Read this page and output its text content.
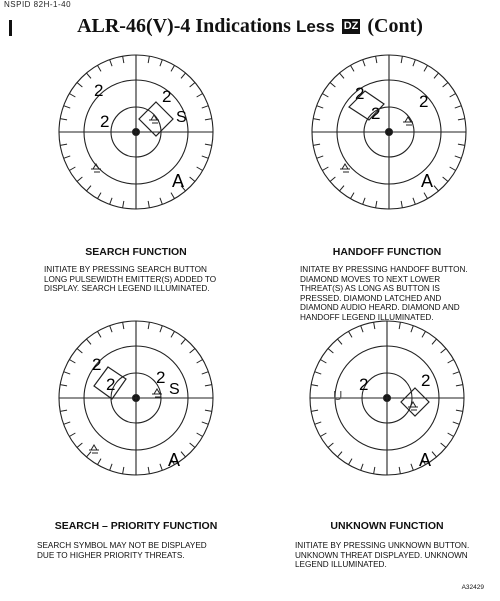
NSPID 82H-1-40
ALR-46(V)-4 Indications Less DZ (Cont)
2
2
2
S
A
2
2
2
A
2
2 2
S
A
2	2
U
A
SEARCH FUNCTION
INITIATE BY PRESSING SEARCH BUTTON LONG PULSEWIDTH EMITTER(S) ADDED TO DISPLAY. SEARCH LEGEND ILLUMINATED.
HANDOFF FUNCTION
INITATE BY PRESSING HANDOFF BUTTON. DIAMOND MOVES TO NEXT LOWER THREAT(S) AS LONG AS BUTTON IS PRESSED. DIAMOND LATCHED AND DIAMOND AUDIO HEARD. DIAMOND AND HANDOFF LEGEND ILLUMINATED.
SEARCH – PRIORITY FUNCTION
SEARCH SYMBOL MAY NOT BE DISPLAYED DUE TO HIGHER PRIORITY THREATS.
UNKNOWN FUNCTION
INITIATE BY PRESSING UNKNOWN BUTTON. UNKNOWN THREAT DISPLAYED. UNKNOWN LEGEND ILLUMINATED.
A32429
